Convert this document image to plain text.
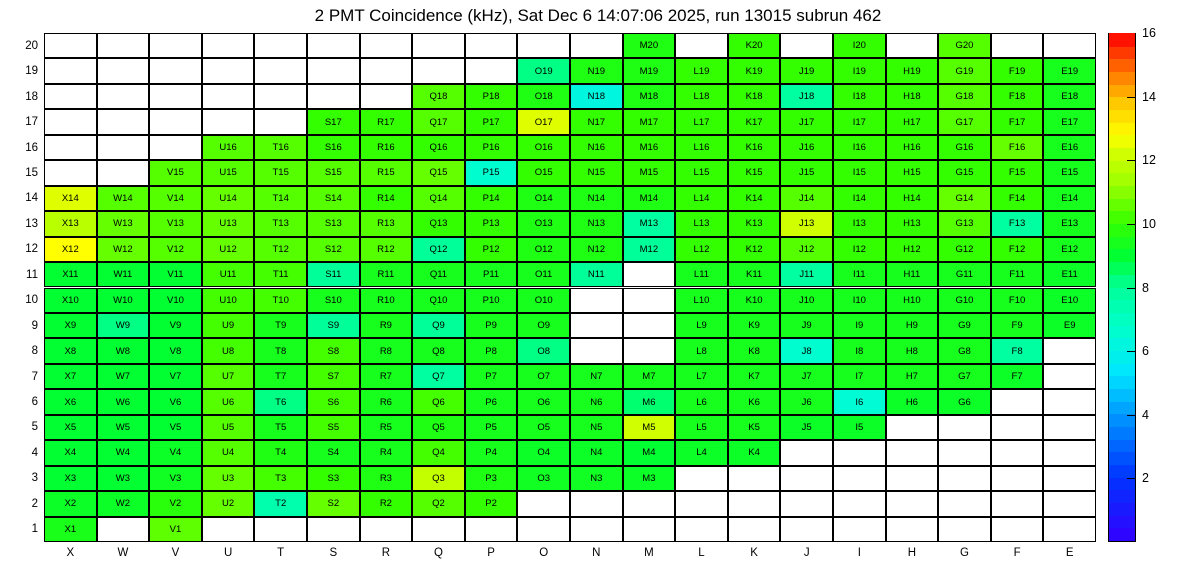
2 PMT Coincidence (kHz), Sat Dec 6 14:07:06 2025, run 13015 subrun 462
X1	V1
X2	W2	V2	U2	T2	S2	R2	Q2	P2
X3	W3	V3	U3	T3	S3	R3	Q3	P3	O3	N3	M3
X4	W4	V4	U4	T4	S4	R4	Q4	P4	O4	N4	M4	L4	K4
X5	W5	V5	U5	T5	S5	R5	Q5	P5	O5	N5	M5	L5	K5	J5	I5
X6	W6	V6	U6	T6	S6	R6	Q6	P6	O6	N6	M6	L6	K6	J6	I6	H6	G6
X7	W7	V7	U7	T7	S7	R7	Q7	P7	O7	N7	M7	L7	K7	J7	I7	H7	G7	F7
X8	W8	V8	U8	T8	S8	R8	Q8	P8	O8	L8	K8	J8	I8	H8	G8	F8
X9	W9	V9	U9	T9	S9	R9	Q9	P9	O9	L9	K9	J9	I9	H9	G9	F9	E9
X10	W10	V10	U10	T10	S10	R10	Q10	P10	O10	L10	K10	J10	I10	H10	G10	F10	E10
X11	W11	V11	U11	T11	S11	R11	Q11	P11	O11	N11	L11	K11	J11	I11	H11	G11	F11	E11
X12	W12	V12	U12	T12	S12	R12	Q12	P12	O12	N12	M12	L12	K12	J12	I12	H12	G12	F12	E12
X13	W13	V13	U13	T13	S13	R13	Q13	P13	O13	N13	M13	L13	K13	J13	I13	H13	G13	F13	E13
X14	W14	V14	U14	T14	S14	R14	Q14	P14	O14	N14	M14	L14	K14	J14	I14	H14	G14	F14	E14
V15	U15	T15	S15	R15	Q15	P15	O15	N15	M15	L15	K15	J15	I15	H15	G15	F15	E15
U16	T16	S16	R16	Q16	P16	O16	N16	M16	L16	K16	J16	I16	H16	G16	F16	E16
S17	R17	Q17	P17	O17	N17	M17	L17	K17	J17	I17	H17	G17	F17	E17
Q18	P18	O18	N18	M18	L18	K18	J18	I18	H18	G18	F18	E18
O19	N19	M19	L19	K19	J19	I19	H19	G19	F19	E19
M20	K20	I20	G20
1
2
3
4
5
6
7
8
9
10
11
12
13
14
15
16
17
18
19
20
X	W	V	U	T	S	R	Q	P	O	N	M	L	K	J	I	H	G	F	E
2
4
6
8
10
12
14
16
